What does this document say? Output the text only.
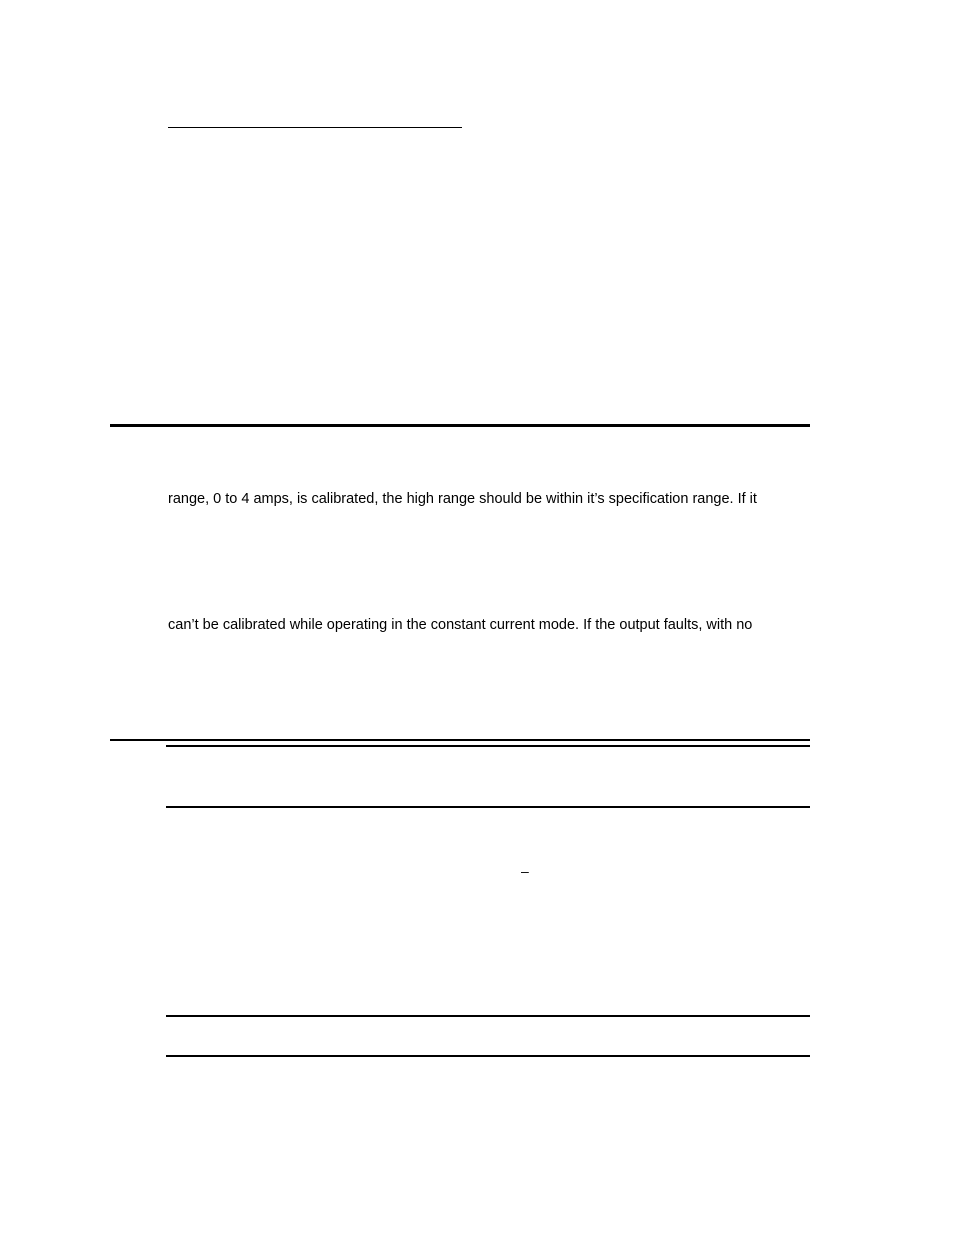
range, 0 to 4 amps, is calibrated, the high range should be within it’s specification range. If it
can’t be calibrated while operating in the constant current mode. If the output faults, with no
–
